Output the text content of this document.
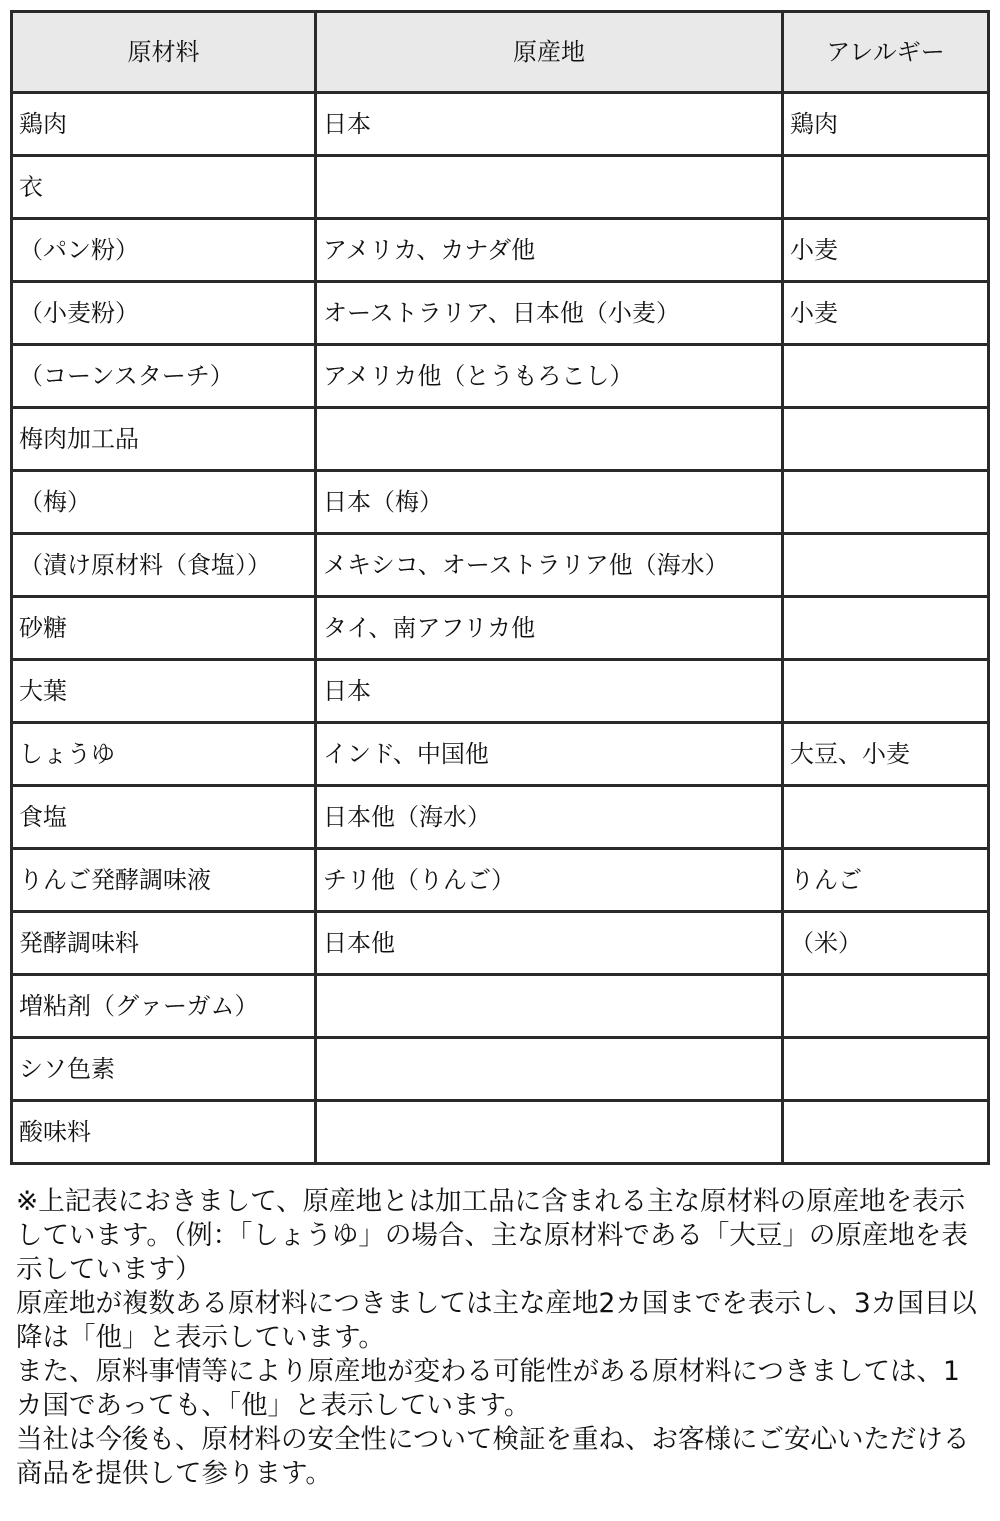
原材料	原産地	アレルギー
鶏肉	日本	鶏肉
衣		
（パン粉）	アメリカ、カナダ他	小麦
（小麦粉）	オーストラリア、日本他（小麦）	小麦
（コーンスターチ）	アメリカ他（とうもろこし）	
梅肉加工品		
（梅）	日本（梅）	
（漬け原材料（食塩））	メキシコ、オーストラリア他（海水）	
砂糖	タイ、南アフリカ他	
大葉	日本	
しょうゆ	インド、中国他	大豆、小麦
食塩	日本他（海水）	
りんご発酵調味液	チリ他（りんご）	りんご
発酵調味料	日本他	（米）
増粘剤（グァーガム）		
シソ色素		
酸味料		

※上記表におきまして、原産地とは加工品に含まれる主な原材料の原産地を表示しています。（例：「しょうゆ」の場合、主な原材料である「大豆」の原産地を表示しています）

原産地が複数ある原材料につきましては主な産地2カ国までを表示し、3カ国目以降は「他」と表示しています。

また、原料事情等により原産地が変わる可能性がある原材料につきましては、1カ国であっても、「他」と表示しています。

当社は今後も、原材料の安全性について検証を重ね、お客様にご安心いただける商品を提供して参ります。
